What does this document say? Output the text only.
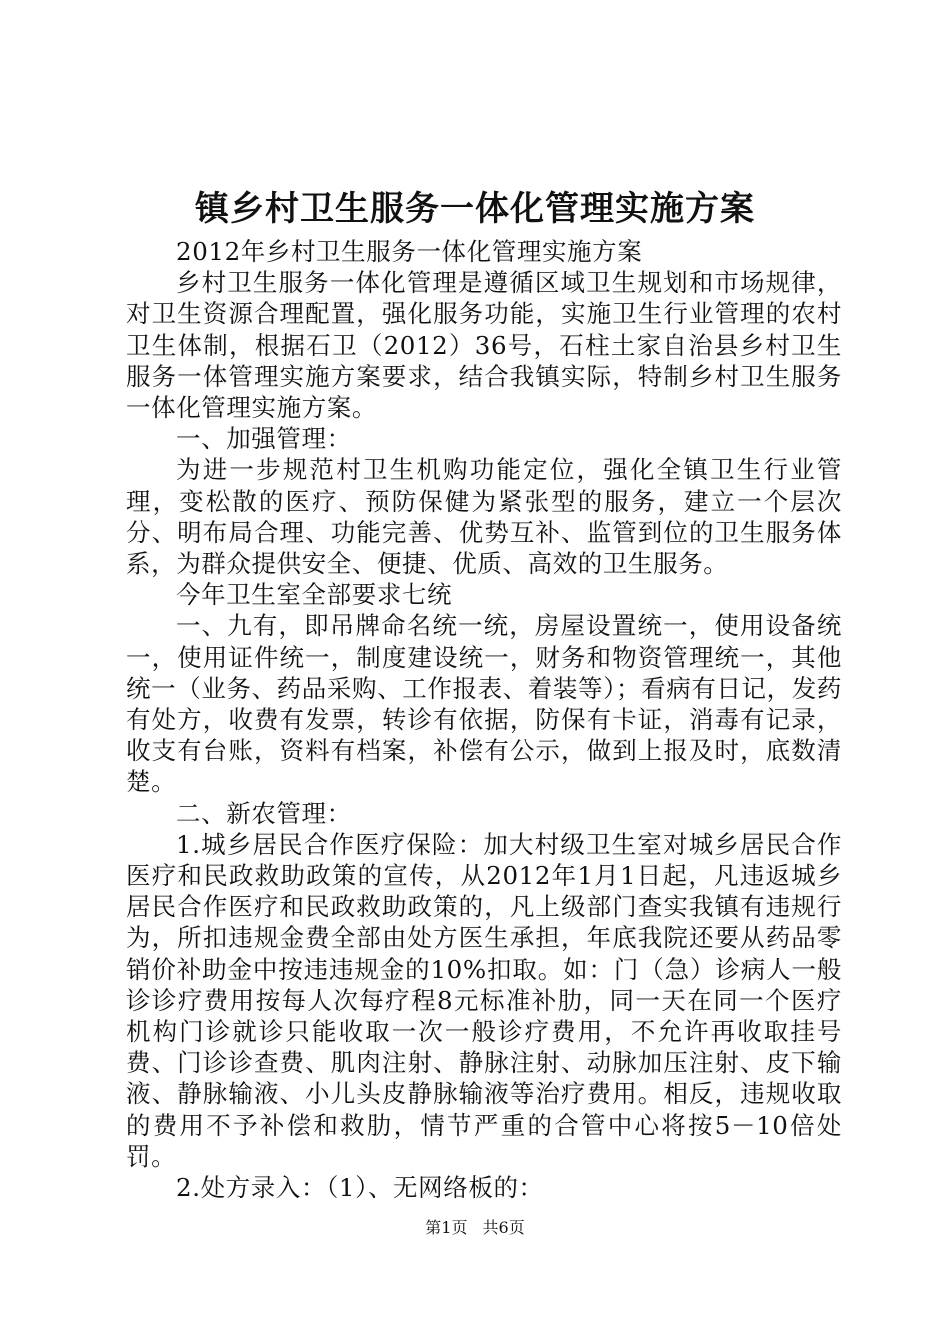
镇乡村卫生服务一体化管理实施方案

2012年乡村卫生服务一体化管理实施方案

乡村卫生服务一体化管理是遵循区域卫生规划和市场规律，对卫生资源合理配置，强化服务功能，实施卫生行业管理的农村卫生体制，根据石卫（2012）36号，石柱土家自治县乡村卫生服务一体管理实施方案要求，结合我镇实际，特制乡村卫生服务一体化管理实施方案。

一、加强管理：

为进一步规范村卫生机购功能定位，强化全镇卫生行业管理，变松散的医疗、预防保健为紧张型的服务，建立一个层次分、明布局合理、功能完善、优势互补、监管到位的卫生服务体系，为群众提供安全、便捷、优质、高效的卫生服务。

今年卫生室全部要求七统

一、九有，即吊牌命名统一统，房屋设置统一，使用设备统一，使用证件统一，制度建设统一，财务和物资管理统一，其他统一（业务、药品采购、工作报表、着装等）；看病有日记，发药有处方，收费有发票，转诊有依据，防保有卡证，消毒有记录，收支有台账，资料有档案，补偿有公示，做到上报及时，底数清楚。

二、新农管理：

1.城乡居民合作医疗保险：加大村级卫生室对城乡居民合作医疗和民政救助政策的宣传，从2012年1月1日起，凡违返城乡居民合作医疗和民政救助政策的，凡上级部门查实我镇有违规行为，所扣违规金费全部由处方医生承担，年底我院还要从药品零销价补助金中按违违规金的10%扣取。如：门（急）诊病人一般诊诊疗费用按每人次每疗程8元标准补肋，同一天在同一个医疗机构门诊就诊只能收取一次一般诊疗费用，不允许再收取挂号费、门诊诊查费、肌肉注射、静脉注射、动脉加压注射、皮下输液、静脉输液、小儿头皮静脉输液等治疗费用。相反，违规收取的费用不予补偿和救肋，情节严重的合管中心将按5－10倍处罚。

2.处方录入：（1）、无网络板的：

第1页 共6页
